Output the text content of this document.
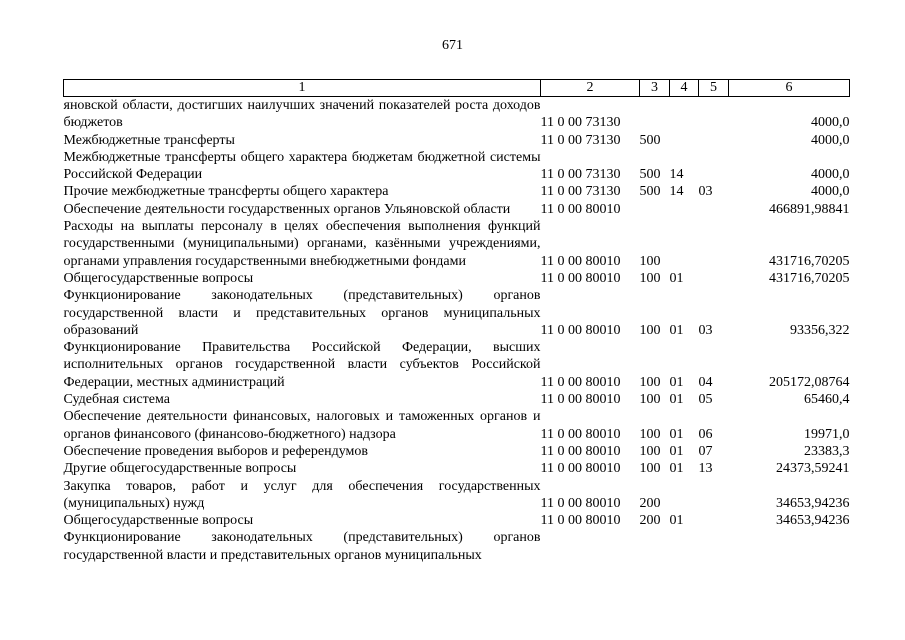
671
1	2	3	4	5	6
яновской области, достигших наилучших значений показателей роста доходов бюджетов	11 0 00 73130				4000,0
Межбюджетные трансферты	11 0 00 73130	500			4000,0
Межбюджетные трансферты общего характера бюджетам бюджетной системы Российской Федерации	11 0 00 73130	500	14		4000,0
Прочие межбюджетные трансферты общего характера	11 0 00 73130	500	14	03	4000,0
Обеспечение деятельности государственных органов Ульяновской области	11 0 00 80010				466891,98841
Расходы на выплаты персоналу в целях обеспечения выполнения функций государственными (муниципальными) органами, казёнными учреждениями, органами управления государственными внебюджетными фондами	11 0 00 80010	100			431716,70205
Общегосударственные вопросы	11 0 00 80010	100	01		431716,70205
Функционирование законодательных (представительных) органов государственной власти и представительных органов муниципальных образований	11 0 00 80010	100	01	03	93356,322
Функционирование Правительства Российской Федерации, высших исполнительных органов государственной власти субъектов Российской Федерации, местных администраций	11 0 00 80010	100	01	04	205172,08764
Судебная система	11 0 00 80010	100	01	05	65460,4
Обеспечение деятельности финансовых, налоговых и таможенных органов и органов финансового (финансово-бюджетного) надзора	11 0 00 80010	100	01	06	19971,0
Обеспечение проведения выборов и референдумов	11 0 00 80010	100	01	07	23383,3
Другие общегосударственные вопросы	11 0 00 80010	100	01	13	24373,59241
Закупка товаров, работ и услуг для обеспечения государственных (муниципальных) нужд	11 0 00 80010	200			34653,94236
Общегосударственные вопросы	11 0 00 80010	200	01		34653,94236
Функционирование законодательных (представительных) органов государственной власти и представительных органов муниципальных					
